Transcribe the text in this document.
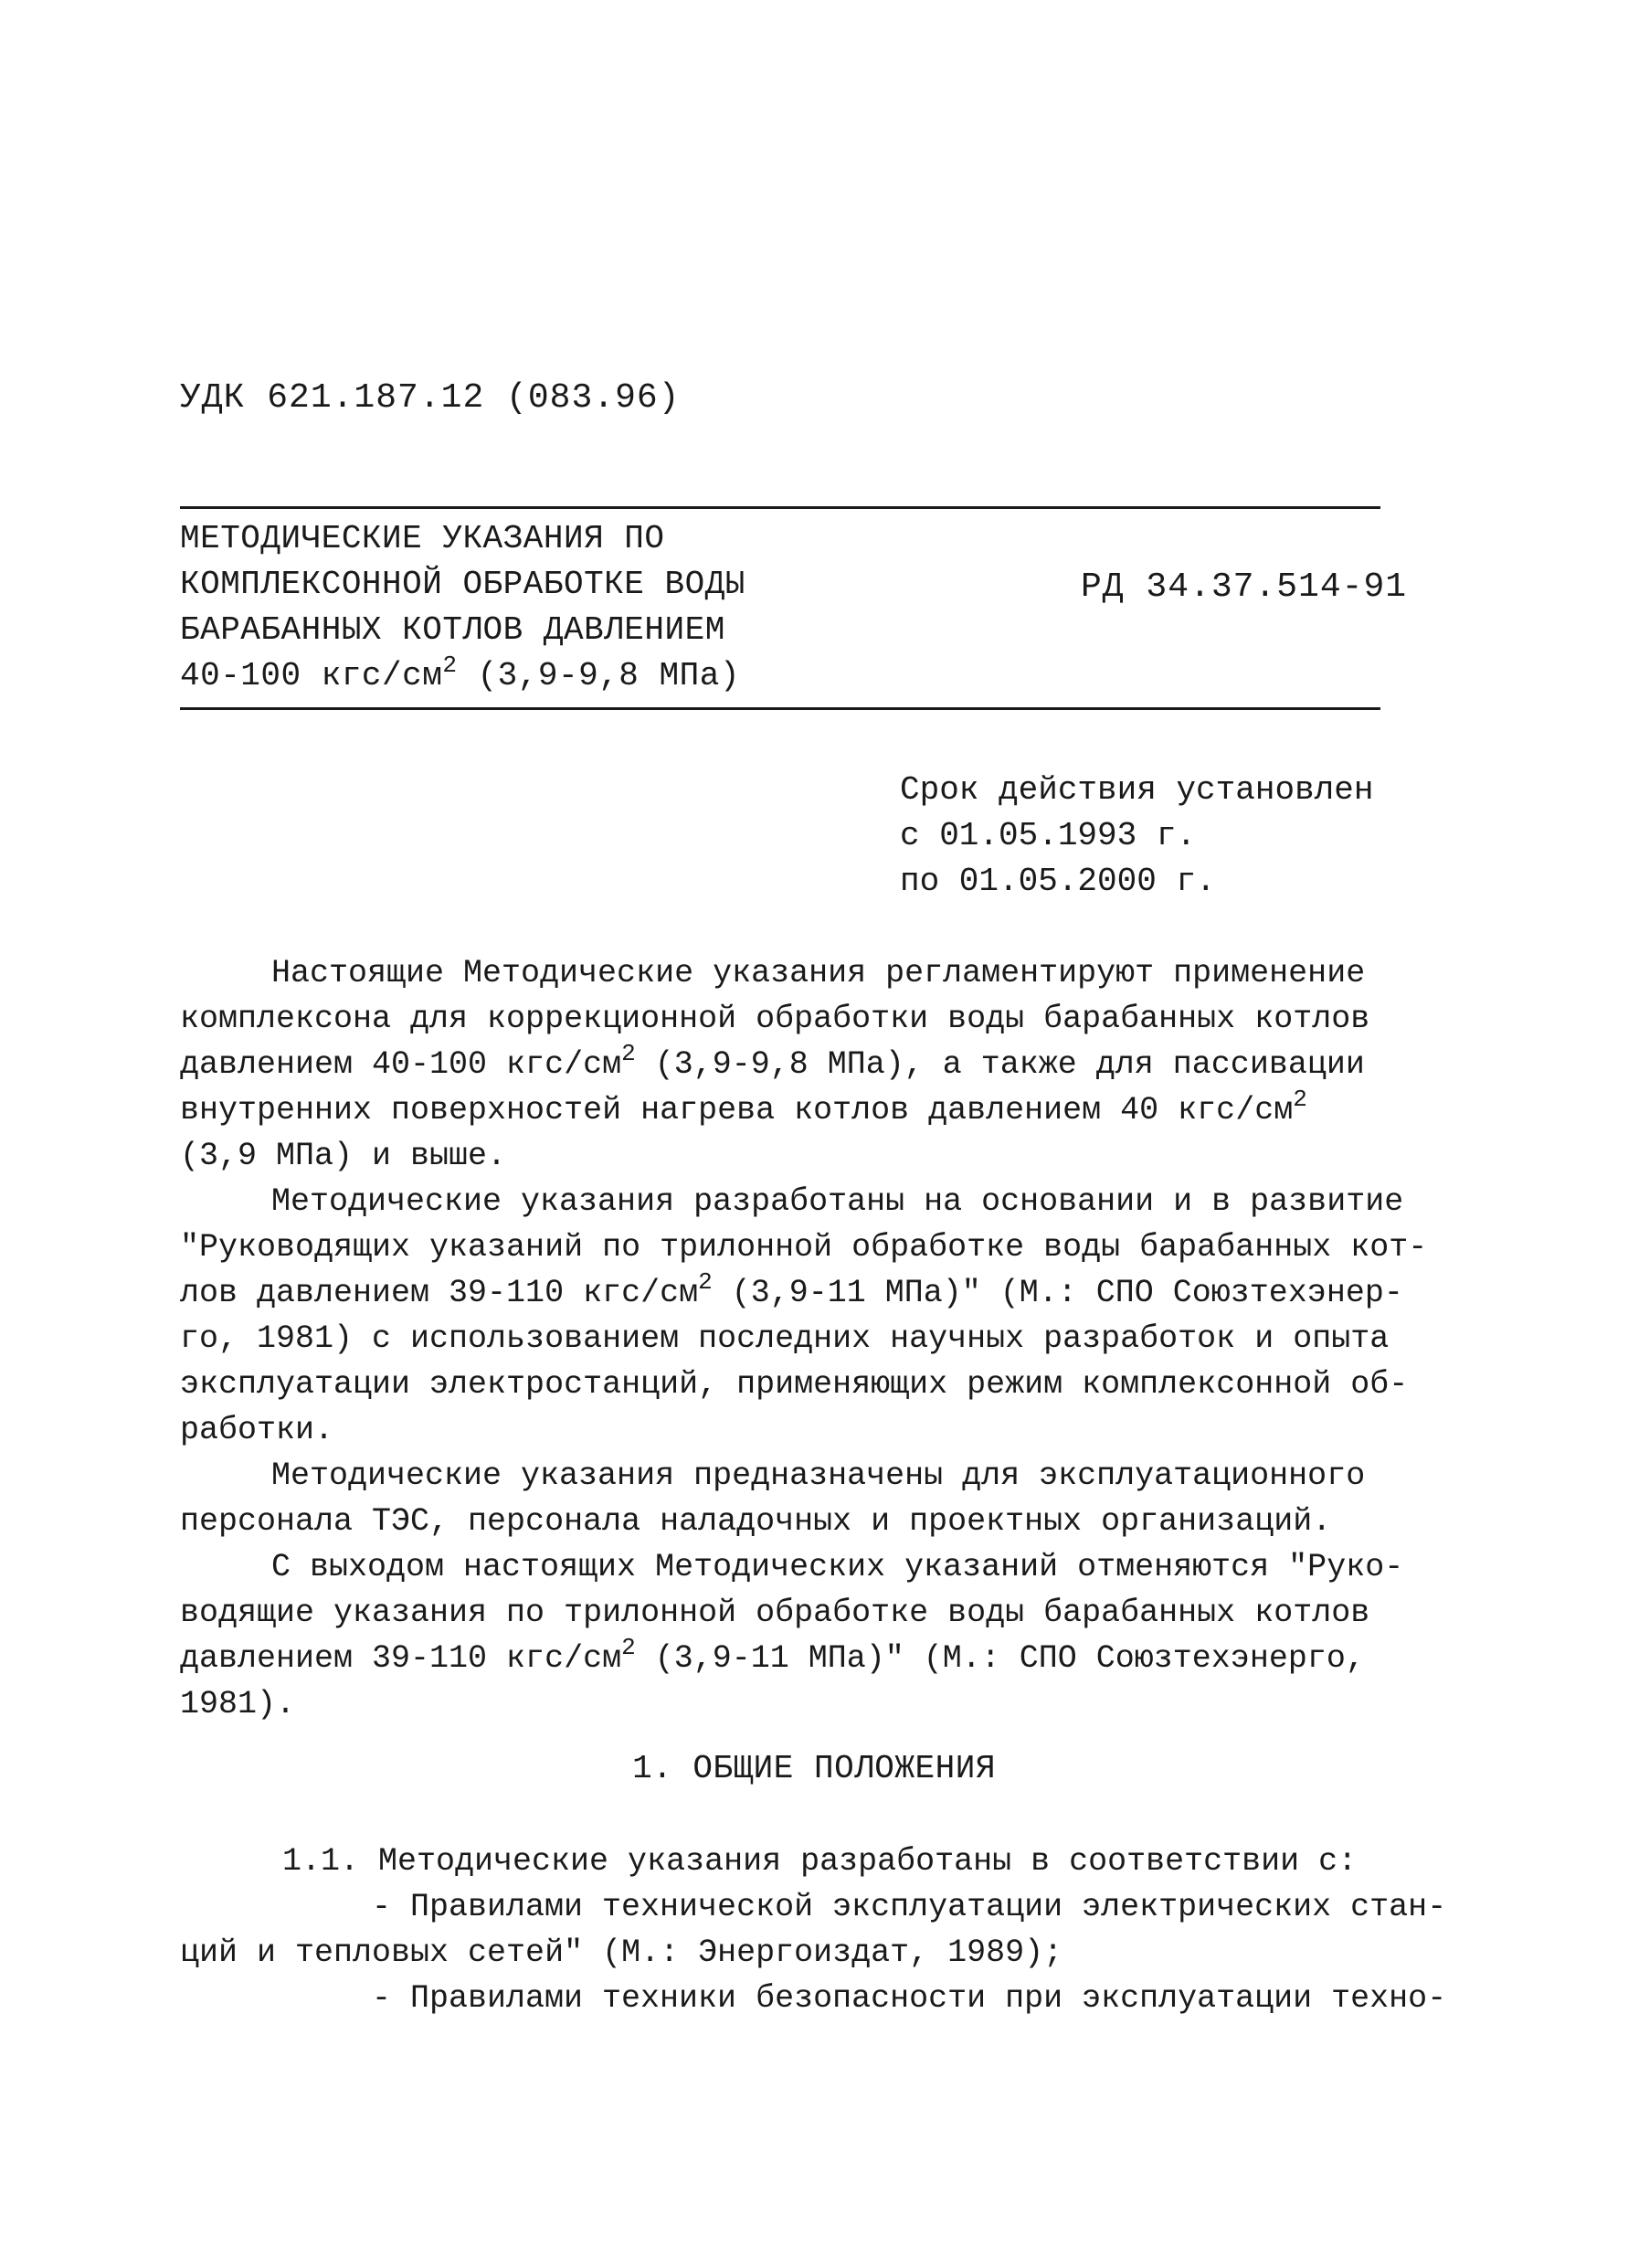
УДК 621.187.12 (083.96)
МЕТОДИЧЕСКИЕ УКАЗАНИЯ ПО
КОМПЛЕКСОННОЙ ОБРАБОТКЕ ВОДЫ
БАРАБАННЫХ КОТЛОВ ДАВЛЕНИЕМ
40-100 кгс/$см^2$ (3,9-9,8 МПа)
РД 34.37.514-91
Срок действия установлен
с 01.05.1993 г.
по 01.05.2000 г.
Настоящие Методические указания регламентируют применение
комплексона для коррекционной обработки воды барабанных котлов
давлением 40-100 кгс/$см^2$ (3,9-9,8 МПа), а также для пассивации
внутренних поверхностей нагрева котлов давлением 40 кгс/$см^2$
(3,9 МПа) и выше.
Методические указания разработаны на основании и в развитие
"Руководящих указаний по трилонной обработке воды барабанных кот-
лов давлением 39-110 кгс/$см^2$ (3,9-11 МПа)" (М.: СПО Союзтехэнер-
го, 1981) с использованием последних научных разработок и опыта
эксплуатации электростанций, применяющих режим комплексонной об-
работки.
Методические указания предназначены для эксплуатационного
персонала ТЭС, персонала наладочных и проектных организаций.
С выходом настоящих Методических указаний отменяются "Руко-
водящие указания по трилонной обработке воды барабанных котлов
давлением 39-110 кгс/$см^2$ (3,9-11 МПа)" (М.: СПО Союзтехэнерго,
1981).
1. ОБЩИЕ ПОЛОЖЕНИЯ
1.1. Методические указания разработаны в соответствии с:
- Правилами технической эксплуатации электрических стан-
ций и тепловых сетей" (М.: Энергоиздат, 1989);
- Правилами техники безопасности при эксплуатации техно-
